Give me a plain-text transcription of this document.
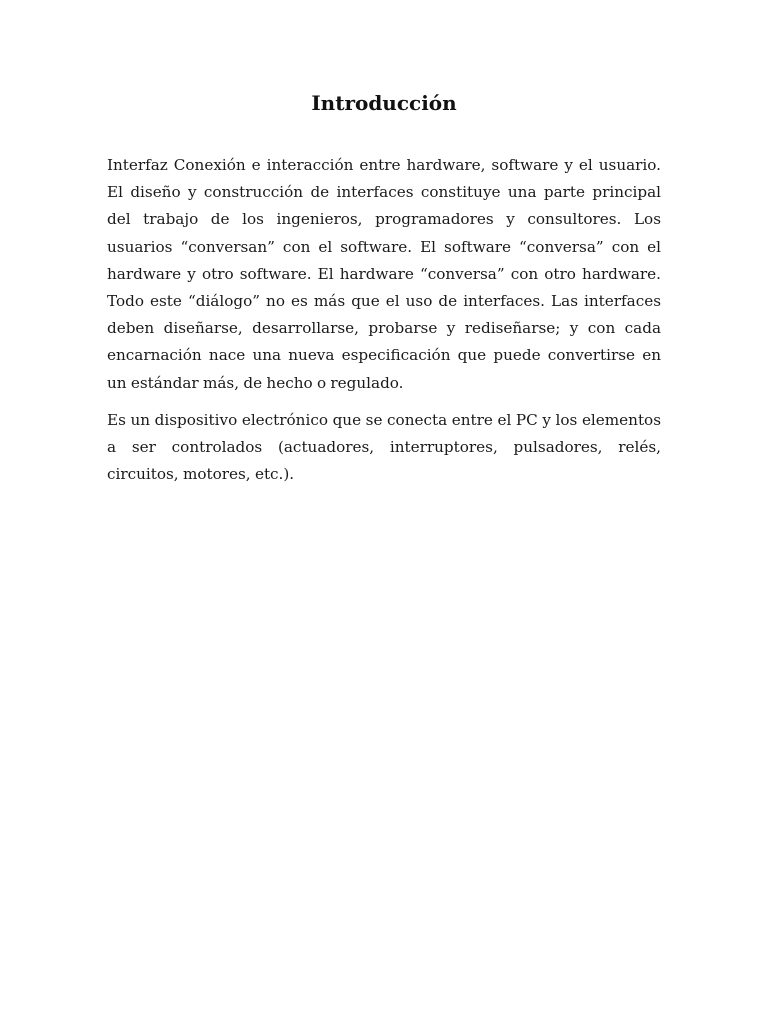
Introducción

Interfaz Conexión e interacción entre hardware, software y el usuario. El diseño y construcción de interfaces constituye una parte principal del trabajo de los ingenieros, programadores y consultores. Los usuarios “conversan” con el software. El software “conversa” con el hardware y otro software. El hardware “conversa” con otro hardware. Todo este “diálogo” no es más que el uso de interfaces. Las interfaces deben diseñarse, desarrollarse, probarse y rediseñarse; y con cada encarnación nace una nueva especificación que puede convertirse en un estándar más, de hecho o regulado.

Es un dispositivo electrónico que se conecta entre el PC y los elementos a ser controlados (actuadores, interruptores, pulsadores, relés, circuitos, motores, etc.).
